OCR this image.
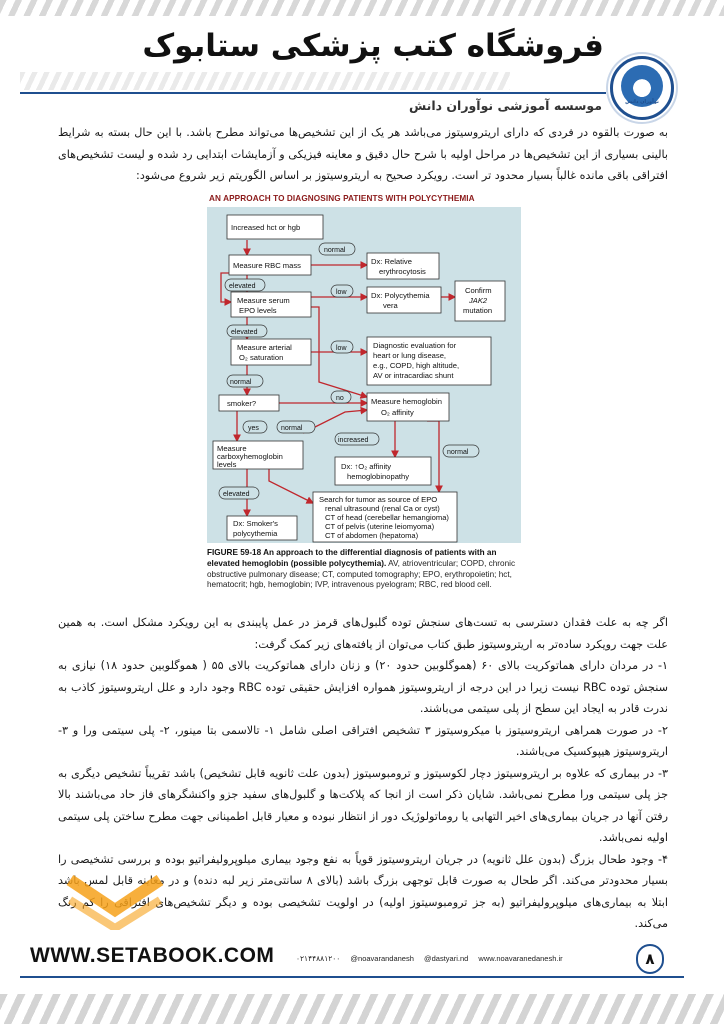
فروشگاه کتب پزشکی ستابوک
موسسه آموزشی نوآوران دانش	نوآوران دانش

به صورت بالقوه در فردی که دارای اریتروسیتوز می‌باشد هر یک از این تشخیص‌ها می‌تواند مطرح باشد. با این حال بسته به شرایط بالینی بسیاری از این تشخیص‌ها در مراحل اولیه با شرح حال دقیق و معاینه فیزیکی و آزمایشات ابتدایی رد شده و لیست تشخیص‌های افتراقی باقی مانده غالباً بسیار محدود تر است. رویکرد صحیح به اریتروسیتوز بر اساس الگوریتم زیر شروع می‌شود:

AN APPROACH TO DIAGNOSING PATIENTS WITH POLYCYTHEMIA
Increased hct or hgb
Measure RBC mass	Dx: Relative
erythrocytosis
Measure serum
EPO levels
Dx: Polycythemia
vera
Confirm
JAK2
mutation
Measure arterial
O₂ saturation
Diagnostic evaluation for
heart or lung disease,
e.g., COPD, high altitude,
AV or intracardiac shunt
smoker?	Measure hemoglobin
O₂ affinity
Measure
carboxyhemoglobin
levels	Dx: ↑O₂ affinity
hemoglobinopathy
Search for tumor as source of EPO
renal ultrasound (renal Ca or cyst)
CT of head (cerebellar hemangioma)
CT of pelvis (uterine leiomyoma)
CT of abdomen (hepatoma)
Dx: Smoker's
polycythemia
normal
elevated
low
elevated
low
normal
no
yes	normal
increased
normal
elevated
FIGURE 59-18 An approach to the differential diagnosis of patients with an elevated hemoglobin (possible polycythemia). AV, atrioventricular; COPD, chronic obstructive pulmonary disease; CT, computed tomography; EPO, erythropoietin; hct, hematocrit; hgb, hemoglobin; IVP, intravenous pyelogram; RBC, red blood cell.

اگر چه به علت فقدان دسترسی به تست‌های سنجش توده گلبول‌های قرمز در عمل پایبندی به این رویکرد مشکل است. به همین علت جهت رویکرد ساده‌تر به اریتروسیتوز طبق کتاب می‌توان از یافته‌های زیر کمک گرفت:

۱- در مردان دارای هماتوکریت بالای ۶۰ (هموگلوبین حدود ۲۰) و زنان دارای هماتوکریت بالای ۵۵ ( هموگلوبین حدود ۱۸) نیازی به سنجش توده RBC نیست زیرا در این درجه از اریتروسیتوز همواره افزایش حقیقی توده RBC وجود دارد و علل اریتروسیتوز کاذب به ندرت قادر به ایجاد این سطح از پلی سیتمی می‌باشند.

۲- در صورت همراهی اریتروسیتوز با میکروسیتوز ۳ تشخیص افتراقی اصلی شامل ۱- تالاسمی بتا مینور، ۲- پلی سیتمی ورا و ۳- اریتروسیتوز هیپوکسیک می‌باشند.

۳- در بیماری که علاوه بر اریتروسیتوز دچار لکوسیتوز و ترومبوسیتوز (بدون علت ثانویه قابل تشخیص) باشد تقریباً تشخیص دیگری به جز پلی سیتمی ورا مطرح نمی‌باشد. شایان ذکر است از انجا که پلاکت‌ها و گلبول‌های سفید جزو واکنشگرهای فاز حاد می‌باشند بالا رفتن آنها در جریان بیماری‌های اخیر التهابی یا روماتولوژیک دور از انتظار نبوده و معیار قابل اطمینانی جهت مطرح ساختن پلی سیتمی اولیه نمی‌باشد.

۴- وجود طحال بزرگ (بدون علل ثانویه) در جریان اریتروسیتوز قویاً به نفع وجود بیماری میلوپرولیفراتیو بوده و بررسی تشخیصی را بسیار محدودتر می‌کند. اگر طحال به صورت قابل توجهی بزرگ باشد (بالای ۸ سانتی‌متر زیر لبه دنده) و در معاینه قابل لمس باشد ابتلا به بیماری‌های میلوپرولیفراتیو (به جز ترومبوسیتوز اولیه) در اولویت تشخیصی بوده و دیگر تشخیص‌های افتراقی را کم رنگ می‌کند.

WWW.SETABOOK.COM	۰۲۱۴۴۸۸۱۲۰۰ @noavarandanesh @dastyari.nd www.noavaranedanesh.ir	۸
